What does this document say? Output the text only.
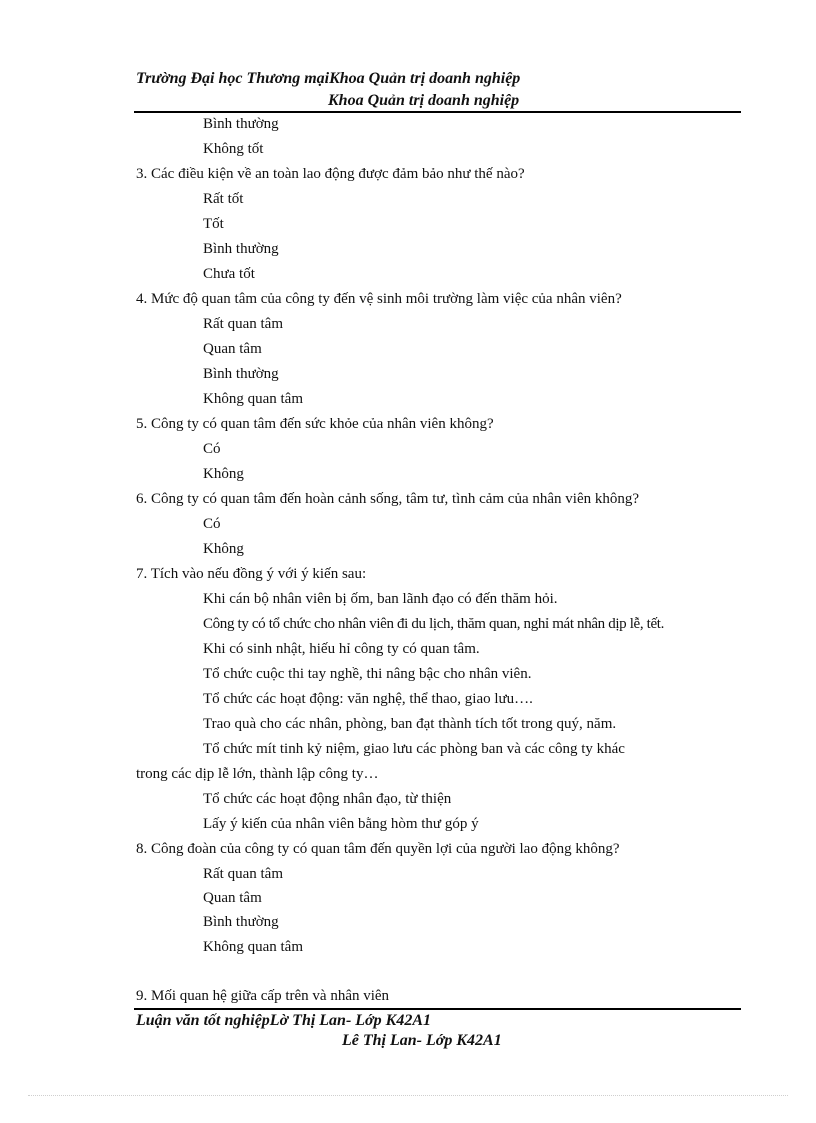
Trường Đại học Thương mạiKhoa Quản trị doanh nghiệp
Khoa Quản trị doanh nghiệp
Bình thường
Không tốt
3. Các điều kiện về an toàn lao động được đảm bảo như thế nào?
Rất tốt
Tốt
Bình thường
Chưa tốt
4. Mức độ quan tâm của công ty đến vệ sinh môi trường làm việc của nhân viên?
Rất quan tâm
Quan tâm
Bình thường
Không quan tâm
5. Công ty có quan tâm đến sức khỏe của nhân viên không?
Có
Không
6. Công ty có quan tâm đến hoàn cảnh sống, tâm tư, tình cảm của nhân viên không?
Có
Không
7. Tích vào nếu đồng ý với ý kiến sau:
Khi cán bộ nhân viên bị ốm, ban lãnh đạo có đến thăm hỏi.
Công ty có tổ chức cho nhân viên đi du lịch, thăm quan, nghỉ mát nhân dịp lễ, tết.
Khi có sinh nhật, hiếu hỉ công ty có quan tâm.
Tổ chức cuộc thi tay nghề, thi nâng bậc cho nhân viên.
Tổ chức các hoạt động: văn nghệ, thể thao, giao lưu….
Trao quà cho các nhân, phòng, ban đạt thành tích tốt trong quý, năm.
Tổ chức mít tinh kỷ niệm, giao lưu các phòng ban và các công ty khác
trong các dịp lễ lớn, thành lập công ty…
Tổ chức các hoạt động nhân đạo, từ thiện
Lấy ý kiến của nhân viên bằng hòm thư góp ý
8. Công đoàn của công ty có quan tâm đến quyền lợi của người lao động không?
Rất quan tâm
Quan tâm
Bình thường
Không quan tâm
9. Mối quan hệ giữa cấp trên và nhân viên
Luận văn tốt nghiệpLờ Thị Lan- Lớp K42A1
Lê Thị Lan- Lớp K42A1
